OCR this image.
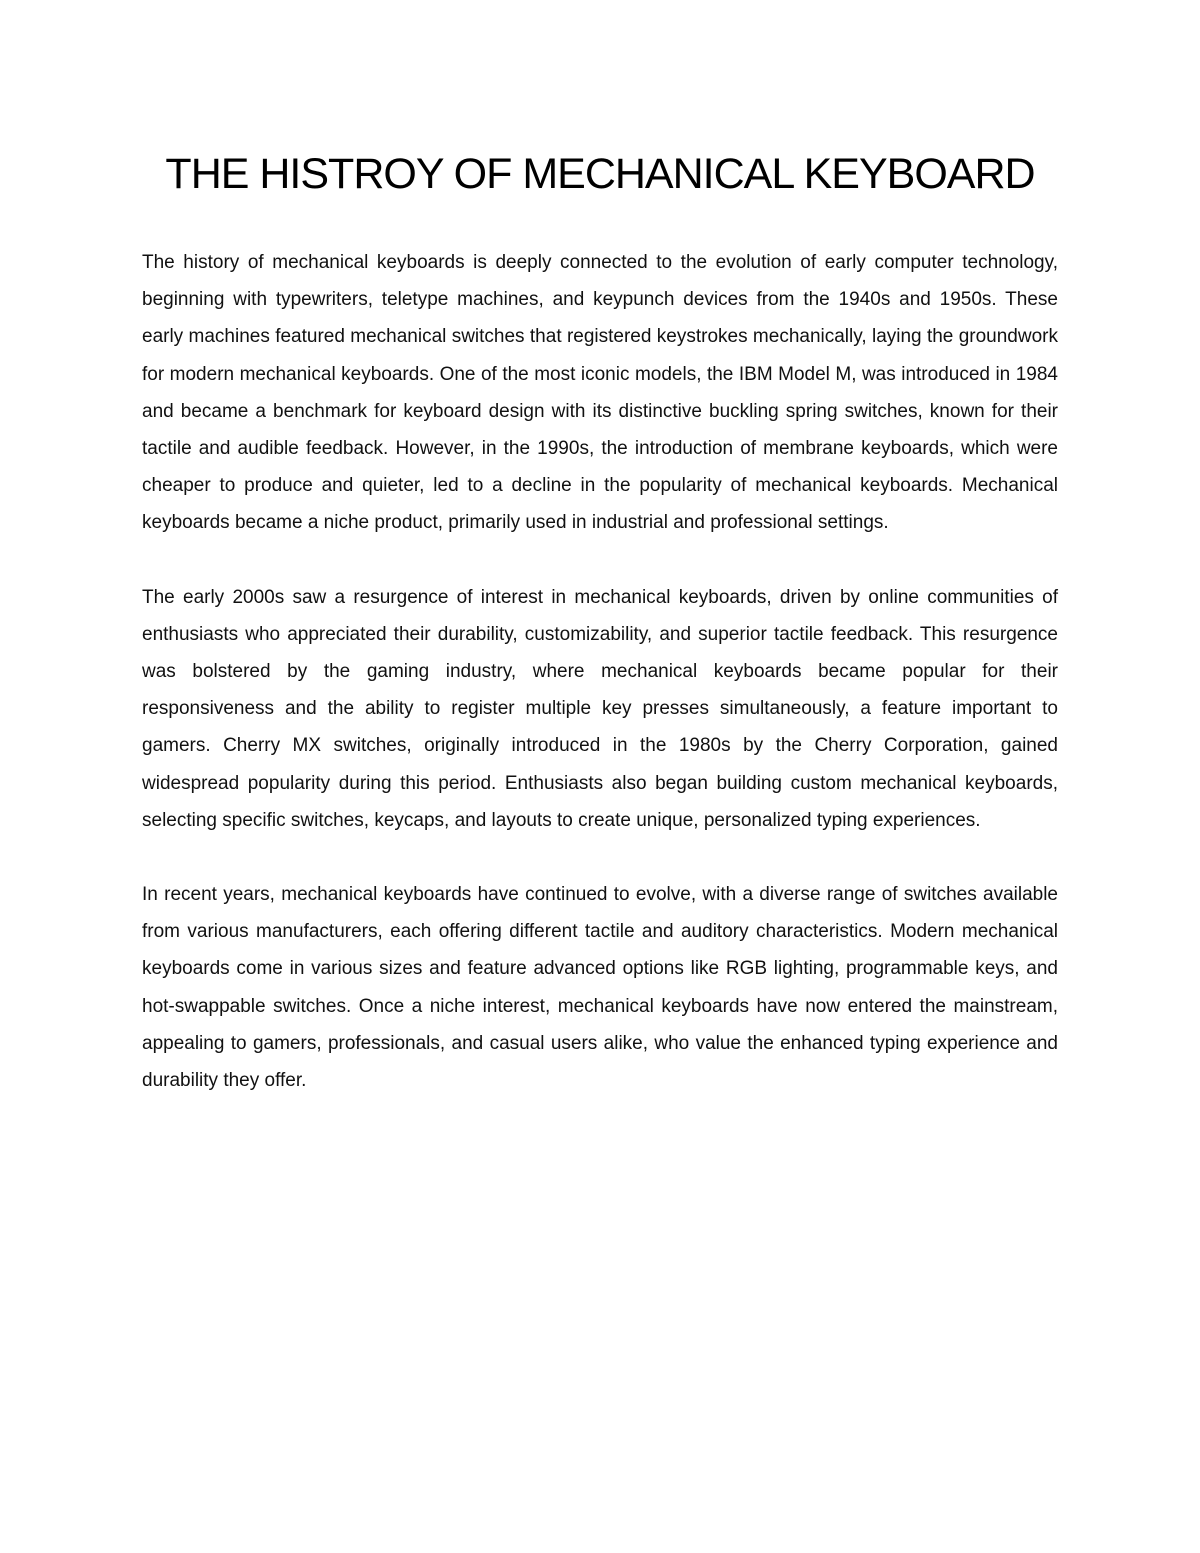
THE HISTROY OF MECHANICAL KEYBOARD

The history of mechanical keyboards is deeply connected to the evolution of early computer technology, beginning with typewriters, teletype machines, and keypunch devices from the 1940s and 1950s. These early machines featured mechanical switches that registered keystrokes mechanically, laying the groundwork for modern mechanical keyboards. One of the most iconic models, the IBM Model M, was introduced in 1984 and became a benchmark for keyboard design with its distinctive buckling spring switches, known for their tactile and audible feedback. However, in the 1990s, the introduction of membrane keyboards, which were cheaper to produce and quieter, led to a decline in the popularity of mechanical keyboards. Mechanical keyboards became a niche product, primarily used in industrial and professional settings.

The early 2000s saw a resurgence of interest in mechanical keyboards, driven by online communities of enthusiasts who appreciated their durability, customizability, and superior tactile feedback. This resurgence was bolstered by the gaming industry, where mechanical keyboards became popular for their responsiveness and the ability to register multiple key presses simultaneously, a feature important to gamers. Cherry MX switches, originally introduced in the 1980s by the Cherry Corporation, gained widespread popularity during this period. Enthusiasts also began building custom mechanical keyboards, selecting specific switches, keycaps, and layouts to create unique, personalized typing experiences.

In recent years, mechanical keyboards have continued to evolve, with a diverse range of switches available from various manufacturers, each offering different tactile and auditory characteristics. Modern mechanical keyboards come in various sizes and feature advanced options like RGB lighting, programmable keys, and hot-swappable switches. Once a niche interest, mechanical keyboards have now entered the mainstream, appealing to gamers, professionals, and casual users alike, who value the enhanced typing experience and durability they offer.
